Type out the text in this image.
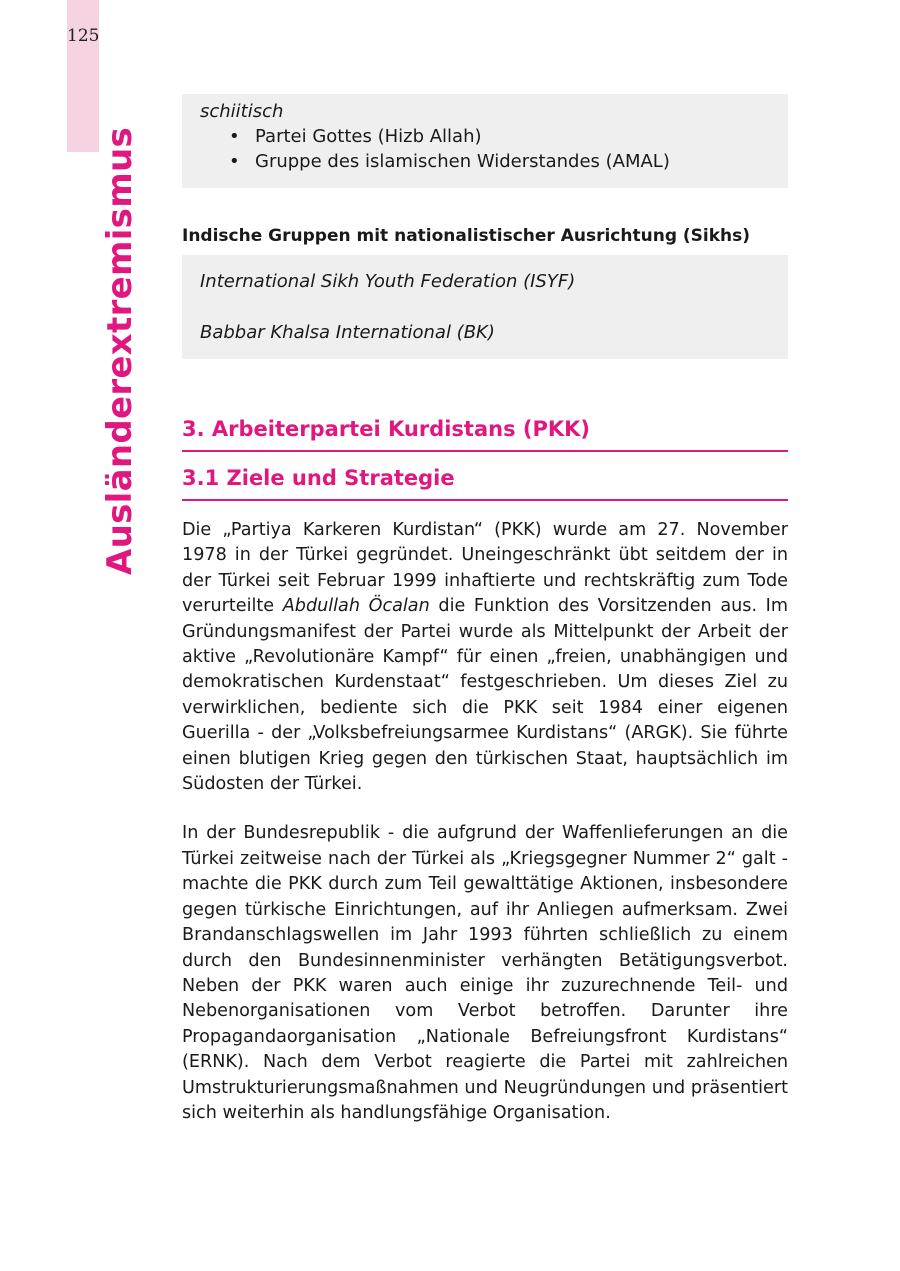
125
Ausländerextremismus
schiitisch
• Partei Gottes (Hizb Allah)
• Gruppe des islamischen Widerstandes (AMAL)
Indische Gruppen mit nationalistischer Ausrichtung (Sikhs)

International Sikh Youth Federation (ISYF)

Babbar Khalsa International (BK)

3. Arbeiterpartei Kurdistans (PKK)
3.1 Ziele und Strategie

Die „Partiya Karkeren Kurdistan“ (PKK) wurde am 27. November 1978 in der Türkei gegründet. Uneingeschränkt übt seitdem der in der Türkei seit Februar 1999 inhaftierte und rechtskräftig zum Tode verurteilte Abdullah Öcalan die Funktion des Vorsitzenden aus. Im Gründungsmanifest der Partei wurde als Mittelpunkt der Arbeit der aktive „Revolutionäre Kampf“ für einen „freien, unabhängigen und demokratischen Kurdenstaat“ festgeschrieben. Um dieses Ziel zu verwirklichen, bediente sich die PKK seit 1984 einer eigenen Guerilla - der „Volksbefreiungsarmee Kurdistans“ (ARGK). Sie führte einen blutigen Krieg gegen den türkischen Staat, hauptsächlich im Südosten der Türkei.

In der Bundesrepublik - die aufgrund der Waffenlieferungen an die Türkei zeitweise nach der Türkei als „Kriegsgegner Nummer 2“ galt - machte die PKK durch zum Teil gewalttätige Aktionen, insbesondere gegen türkische Einrichtungen, auf ihr Anliegen aufmerksam. Zwei Brandanschlagswellen im Jahr 1993 führten schließlich zu einem durch den Bundesinnenminister verhängten Betätigungsverbot. Neben der PKK waren auch einige ihr zuzurechnende Teil- und Nebenorganisationen vom Verbot betroffen. Darunter ihre Propagandaorganisation „Nationale Befreiungsfront Kurdistans“ (ERNK). Nach dem Verbot reagierte die Partei mit zahlreichen Umstrukturierungsmaßnahmen und Neugründungen und präsentiert sich weiterhin als handlungsfähige Organisation.
